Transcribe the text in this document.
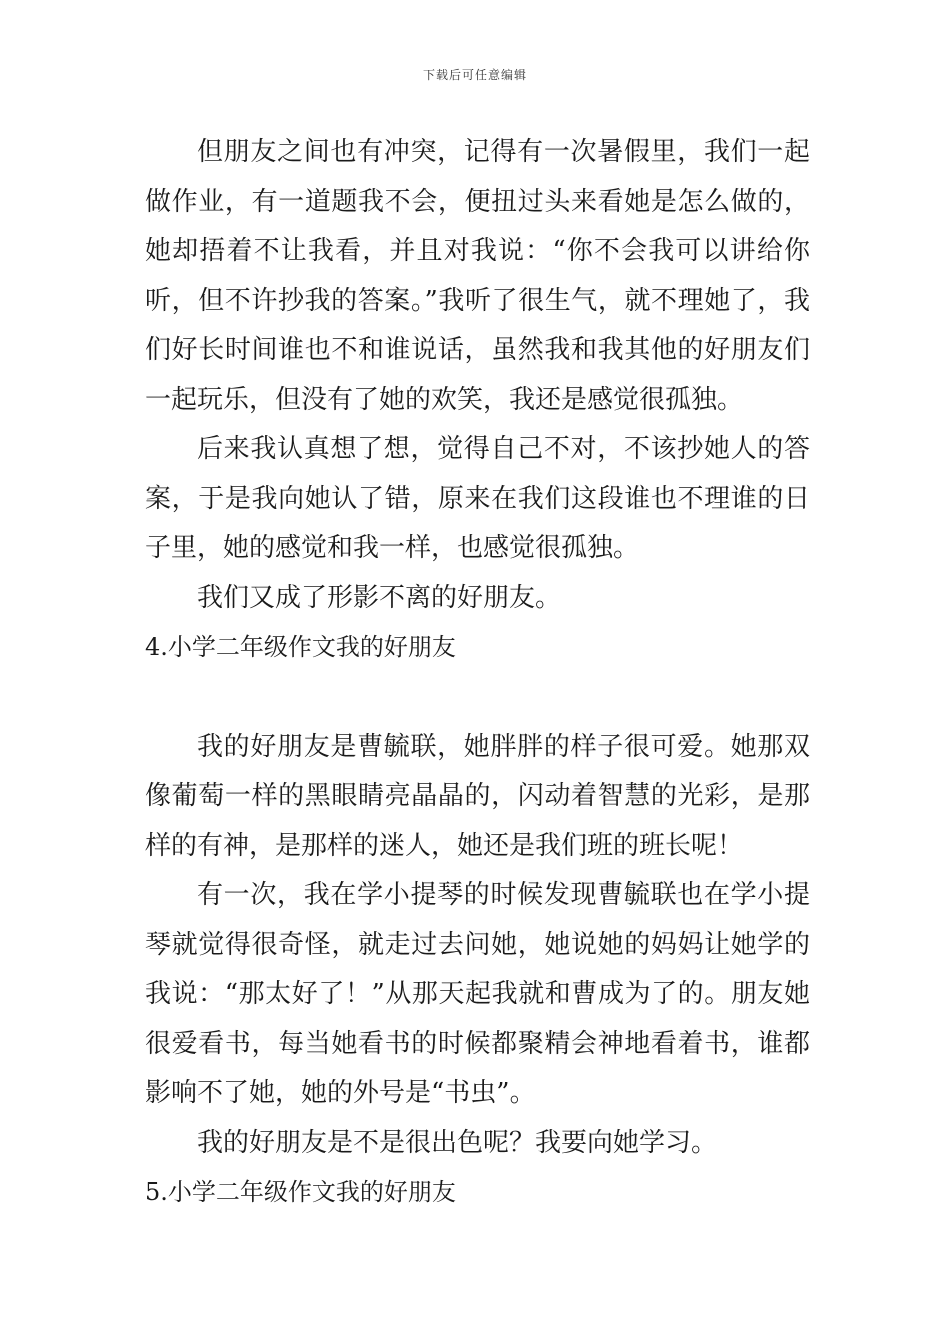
下载后可任意编辑

但朋友之间也有冲突，记得有一次暑假里，我们一起做作业，有一道题我不会，便扭过头来看她是怎么做的，她却捂着不让我看，并且对我说：“你不会我可以讲给你听，但不许抄我的答案。”我听了很生气，就不理她了，我们好长时间谁也不和谁说话，虽然我和我其他的好朋友们一起玩乐，但没有了她的欢笑，我还是感觉很孤独。

后来我认真想了想，觉得自己不对，不该抄她人的答案，于是我向她认了错，原来在我们这段谁也不理谁的日子里，她的感觉和我一样，也感觉很孤独。

我们又成了形影不离的好朋友。

4.小学二年级作文我的好朋友

我的好朋友是曹毓联，她胖胖的样子很可爱。她那双像葡萄一样的黑眼睛亮晶晶的，闪动着智慧的光彩，是那样的有神，是那样的迷人，她还是我们班的班长呢！

有一次，我在学小提琴的时候发现曹毓联也在学小提琴就觉得很奇怪，就走过去问她，她说她的妈妈让她学的我说：“那太好了！”从那天起我就和曹成为了的。朋友她很爱看书，每当她看书的时候都聚精会神地看着书，谁都影响不了她，她的外号是“书虫”。

我的好朋友是不是很出色呢？我要向她学习。

5.小学二年级作文我的好朋友
